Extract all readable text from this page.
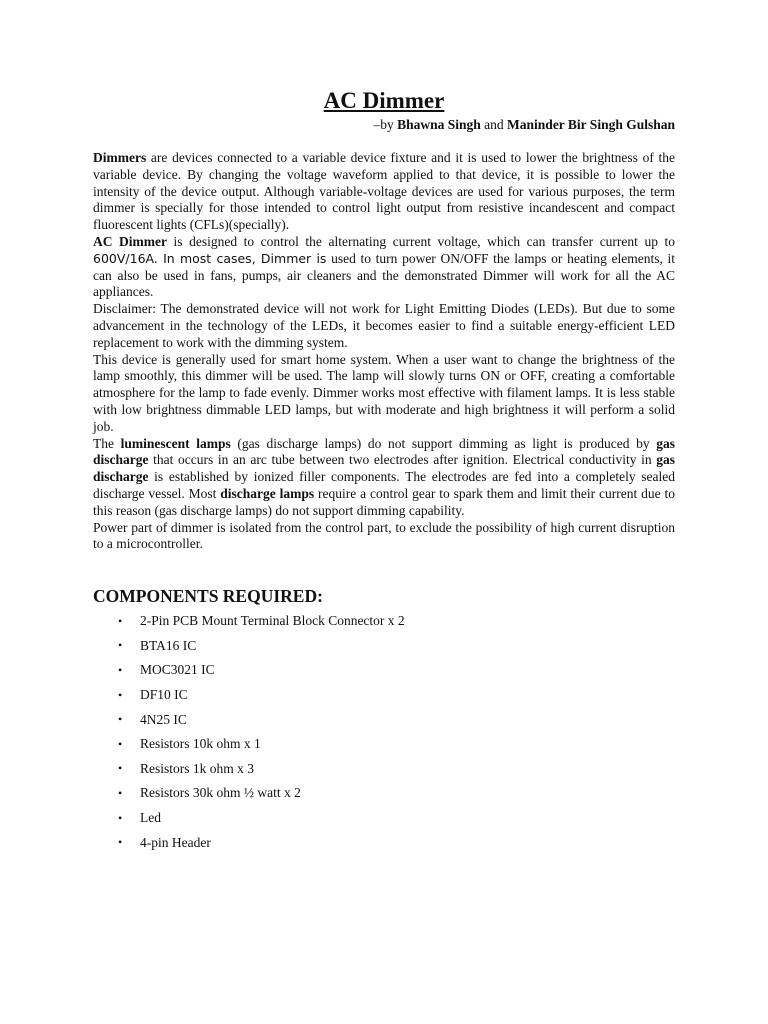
AC Dimmer

–by Bhawna Singh and Maninder Bir Singh Gulshan

Dimmers are devices connected to a variable device fixture and it is used to lower the brightness of the variable device. By changing the voltage waveform applied to that device, it is possible to lower the intensity of the device output. Although variable-voltage devices are used for various purposes, the term dimmer is specially for those intended to control light output from resistive incandescent and compact fluorescent lights (CFLs)(specially).

AC Dimmer is designed to control the alternating current voltage, which can transfer current up to 600V/16A. In most cases, Dimmer is used to turn power ON/OFF the lamps or heating elements, it can also be used in fans, pumps, air cleaners and the demonstrated Dimmer will work for all the AC appliances.

Disclaimer: The demonstrated device will not work for Light Emitting Diodes (LEDs). But due to some advancement in the technology of the LEDs, it becomes easier to find a suitable energy-efficient LED replacement to work with the dimming system.

This device is generally used for smart home system. When a user want to change the brightness of the lamp smoothly, this dimmer will be used. The lamp will slowly turns ON or OFF, creating a comfortable atmosphere for the lamp to fade evenly. Dimmer works most effective with filament lamps. It is less stable with low brightness dimmable LED lamps, but with moderate and high brightness it will perform a solid job.

The luminescent lamps (gas discharge lamps) do not support dimming as light is produced by gas discharge that occurs in an arc tube between two electrodes after ignition. Electrical conductivity in gas discharge is established by ionized filler components. The electrodes are fed into a completely sealed discharge vessel. Most discharge lamps require a control gear to spark them and limit their current due to this reason (gas discharge lamps) do not support dimming capability.

Power part of dimmer is isolated from the control part, to exclude the possibility of high current disruption to a microcontroller.

COMPONENTS REQUIRED:
•	2-Pin PCB Mount Terminal Block Connector x 2
•	BTA16 IC
•	MOC3021 IC
•	DF10 IC
•	4N25 IC
•	Resistors 10k ohm x 1
•	Resistors 1k ohm x 3
•	Resistors 30k ohm ½ watt x 2
•	Led
•	4-pin Header
